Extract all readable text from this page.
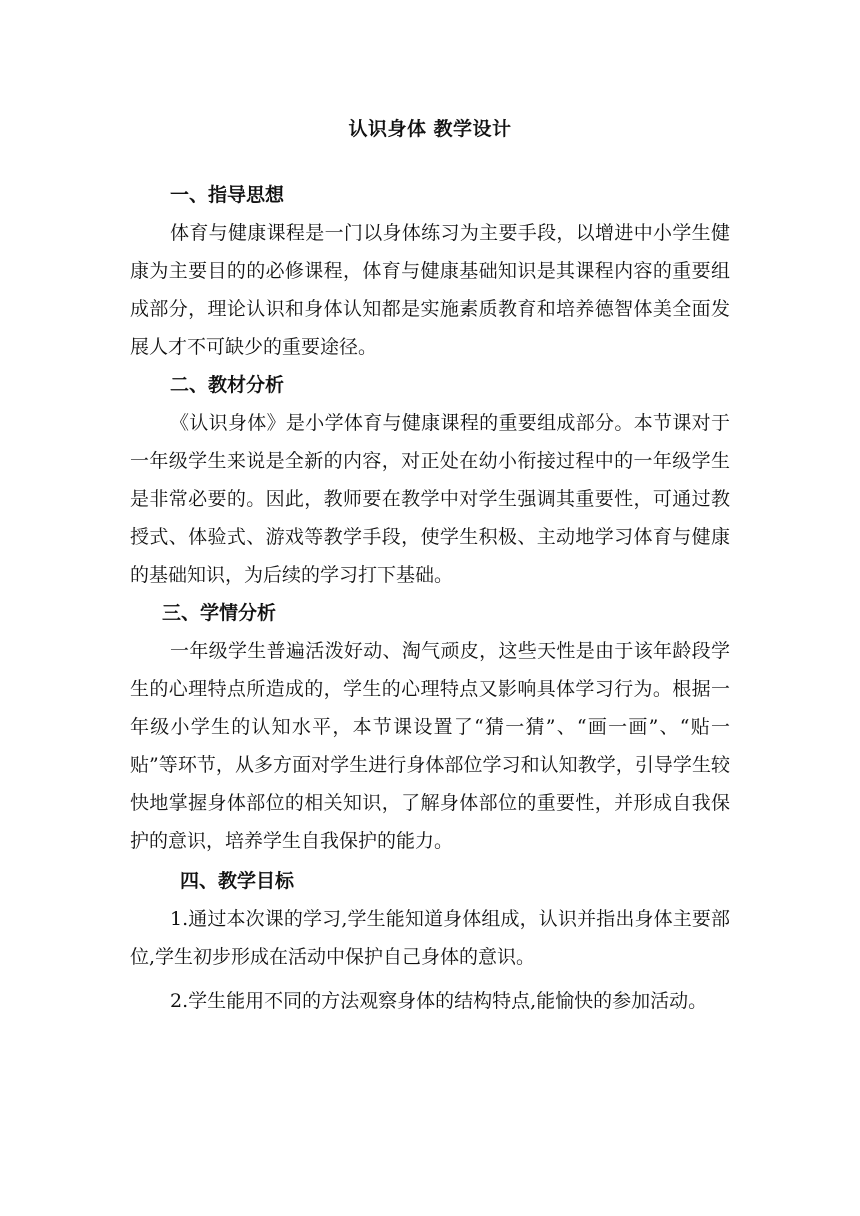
认识身体 教学设计
一、指导思想

体育与健康课程是一门以身体练习为主要手段，以增进中小学生健康为主要目的的必修课程，体育与健康基础知识是其课程内容的重要组成部分，理论认识和身体认知都是实施素质教育和培养德智体美全面发展人才不可缺少的重要途径。

二、教材分析

《认识身体》是小学体育与健康课程的重要组成部分。本节课对于一年级学生来说是全新的内容，对正处在幼小衔接过程中的一年级学生是非常必要的。因此，教师要在教学中对学生强调其重要性，可通过教授式、体验式、游戏等教学手段，使学生积极、主动地学习体育与健康的基础知识，为后续的学习打下基础。

三、学情分析

一年级学生普遍活泼好动、淘气顽皮，这些天性是由于该年龄段学生的心理特点所造成的，学生的心理特点又影响具体学习行为。根据一年级小学生的认知水平，本节课设置了“猜一猜”、“画一画”、“贴一贴”等环节，从多方面对学生进行身体部位学习和认知教学，引导学生较快地掌握身体部位的相关知识，了解身体部位的重要性，并形成自我保护的意识，培养学生自我保护的能力。

四、教学目标

1.通过本次课的学习,学生能知道身体组成，认识并指出身体主要部位,学生初步形成在活动中保护自己身体的意识。

2.学生能用不同的方法观察身体的结构特点,能愉快的参加活动。
